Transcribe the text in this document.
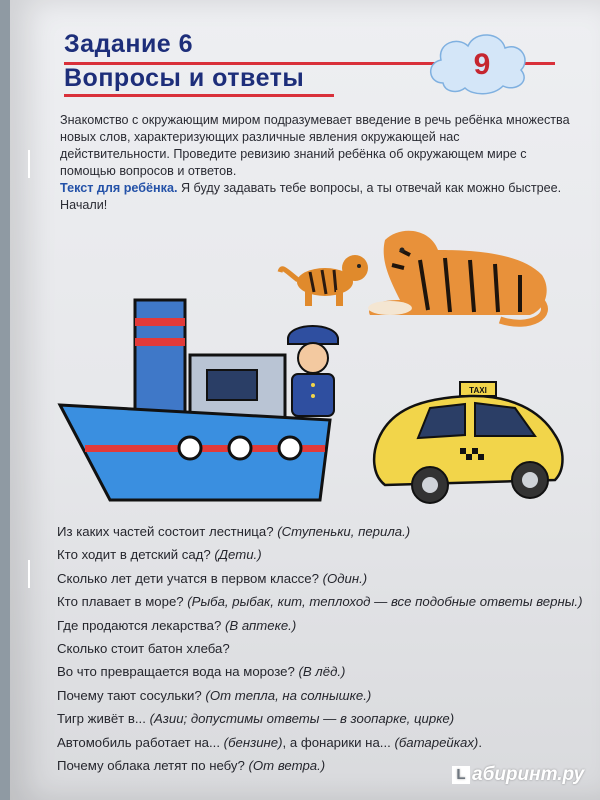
Задание 6
Вопросы и ответы	9

Знакомство с окружающим миром подразумевает введение в речь ребёнка множества новых слов, характеризующих различные явления окружающей нас действительности. Проведите ревизию знаний ребёнка об окружающем мире с помощью вопросов и ответов.

Текст для ребёнка. Я буду задавать тебе вопросы, а ты отвечай как можно быстрее. Начали!

TAXI
Из каких частей состоит лестница? (Ступеньки, перила.)
Кто ходит в детский сад? (Дети.)
Сколько лет дети учатся в первом классе? (Один.)
Кто плавает в море? (Рыба, рыбак, кит, теплоход — все подобные ответы верны.)
Где продаются лекарства? (В аптеке.)
Сколько стоит батон хлеба?
Во что превращается вода на морозе? (В лёд.)
Почему тают сосульки? (От тепла, на солнышке.)
Тигр живёт в... (Азии; допустимы ответы — в зоопарке, цирке)
Автомобиль работает на... (бензине), а фонарики на... (батарейках).
Почему облака летят по небу? (От ветра.)
L абиринт.ру
